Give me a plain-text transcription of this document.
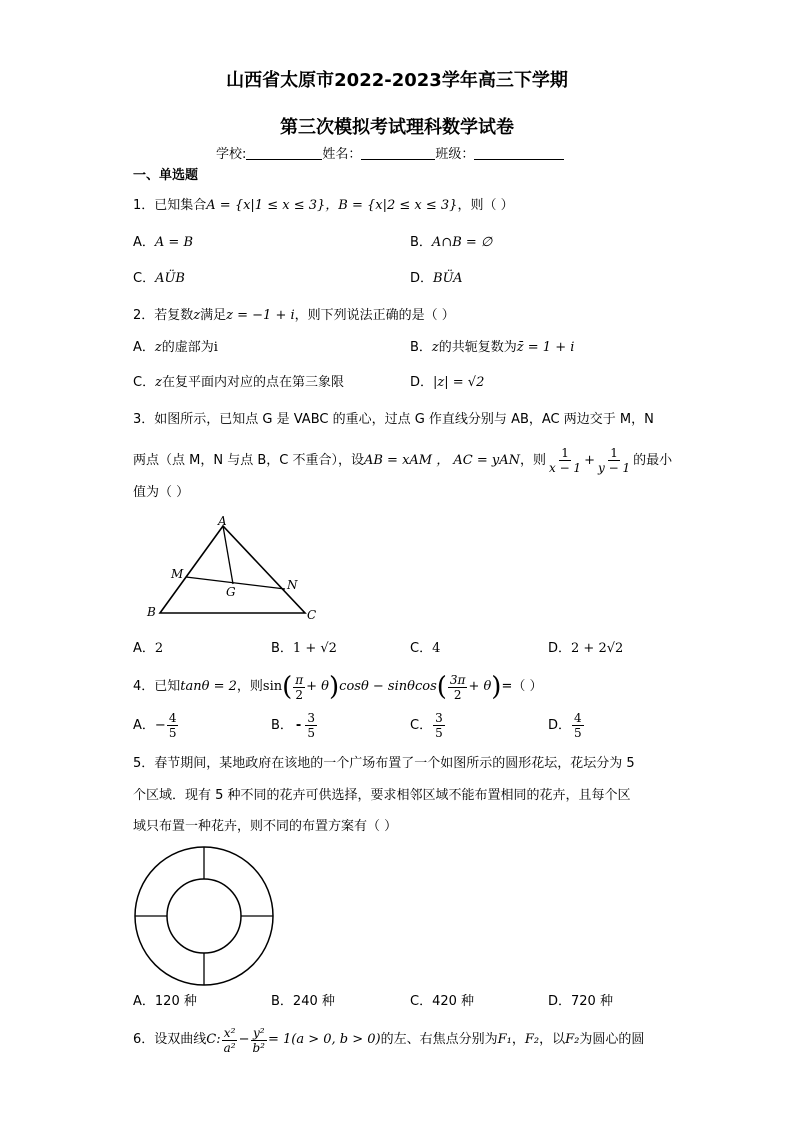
山西省太原市2022-2023学年高三下学期
第三次模拟考试理科数学试卷
学校:	姓名：	班级：
一、单选题
1．已知集合A = {x|1 ≤ x ≤ 3}，B = {x|2 ≤ x ≤ 3}，则（ ）
A．A = B	B．A∩B = ∅
C．AÜB	D．BÜA
2．若复数z满足z = −1 + i，则下列说法正确的是（ ）
A．z的虚部为i	B．z的共轭复数为z̄ = 1 + i
C．z在复平面内对应的点在第三象限	D．|z| = √2
3．如图所示，已知点 G 是 VABC 的重心，过点 G 作直线分别与 AB，AC 两边交于 M，N
两点（点 M，N 与点 B，C 不重合），设AB = xAM ， AC = yAN，则 $\frac{1}{x - 1} + \frac{1}{y - 1}$ 的最小
值为（ ）
A
B	C
M
N
G
A．2	B．1 + √2	C．4	D．2 + 2√2
4．已知 tanθ = 2 ，则 sin ( $\frac{\pi}{2} + \theta$ ) cosθ − sinθcos ( $\frac{3\pi}{2} + \theta$ ) =（ ）
A． − $\frac{4}{5}$	B． - $\frac{3}{5}$	C． $\frac{3}{5}$	D． $\frac{4}{5}$
5．春节期间，某地政府在该地的一个广场布置了一个如图所示的圆形花坛，花坛分为 5
个区域．现有 5 种不同的花卉可供选择，要求相邻区域不能布置相同的花卉，且每个区
域只布置一种花卉，则不同的布置方案有（ ）
A．120 种	B．240 种	C．420 种	D．720 种
6．设双曲线 C: $\frac{\text{x²}}{\text{a²}} - \frac{\text{y²}}{\text{b²}} = 1(a > 0$, b > 0) 的左、右焦点分别为 F₁ ， F₂ ，以 F₂ 为圆心的圆
